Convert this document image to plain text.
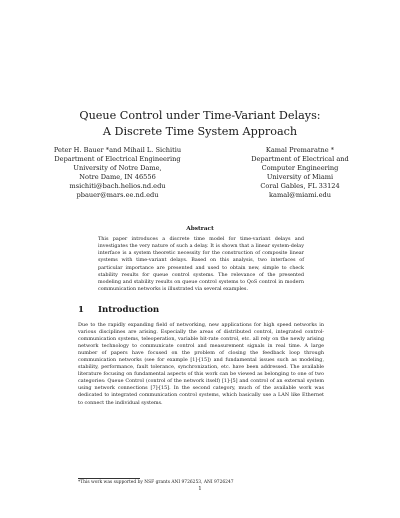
Queue Control under Time-Variant Delays:
A Discrete Time System Approach
Peter H. Bauer *and Mihail L. Sichitiu
Department of Electrical Engineering
University of Notre Dame,
Notre Dame, IN 46556
msichiti@bach.helios.nd.edu
pbauer@mars.ee.nd.edu
Kamal Premaratne *
Department of Electrical and
Computer Engineering
University of Miami
Coral Gables, FL 33124
kamal@miami.edu
Abstract

This paper introduces a discrete time model for time-variant delays and investigates the very nature of such a delay. It is shown that a linear system-delay interface is a system theoretic necessity for the construction of composite linear systems with time-variant delays. Based on this analysis, two interfaces of particular importance are presented and used to obtain new, simple to check stability results for queue control systems. The relevance of the presented modeling and stability results on queue control systems to QoS control in modern communication networks is illustrated via several examples.

1 Introduction

Due to the rapidly expanding field of networking, new applications for high speed networks in various disciplines are arising. Especially the areas of distributed control, integrated control-communication systems, teleoperation, variable bit-rate control, etc. all rely on the newly arising network technology to communicate control and measurement signals in real time. A large number of papers have focused on the problem of closing the feedback loop through communication networks (see for example [1]-[15]) and fundamental issues such as modeling, stability, performance, fault tolerance, synchronization, etc. have been addressed. The available literature focusing on fundamental aspects of this work can be viewed as belonging to one of two categories: Queue Control (control of the network itself) [1]-[5] and control of an external system using network connections [7]-[15]. In the second category, much of the available work was dedicated to integrated communication control systems, which basically use a LAN like Ethernet to connect the individual systems.

*This work was supported by NSF grants ANI 9726253, ANI 9726247

1
